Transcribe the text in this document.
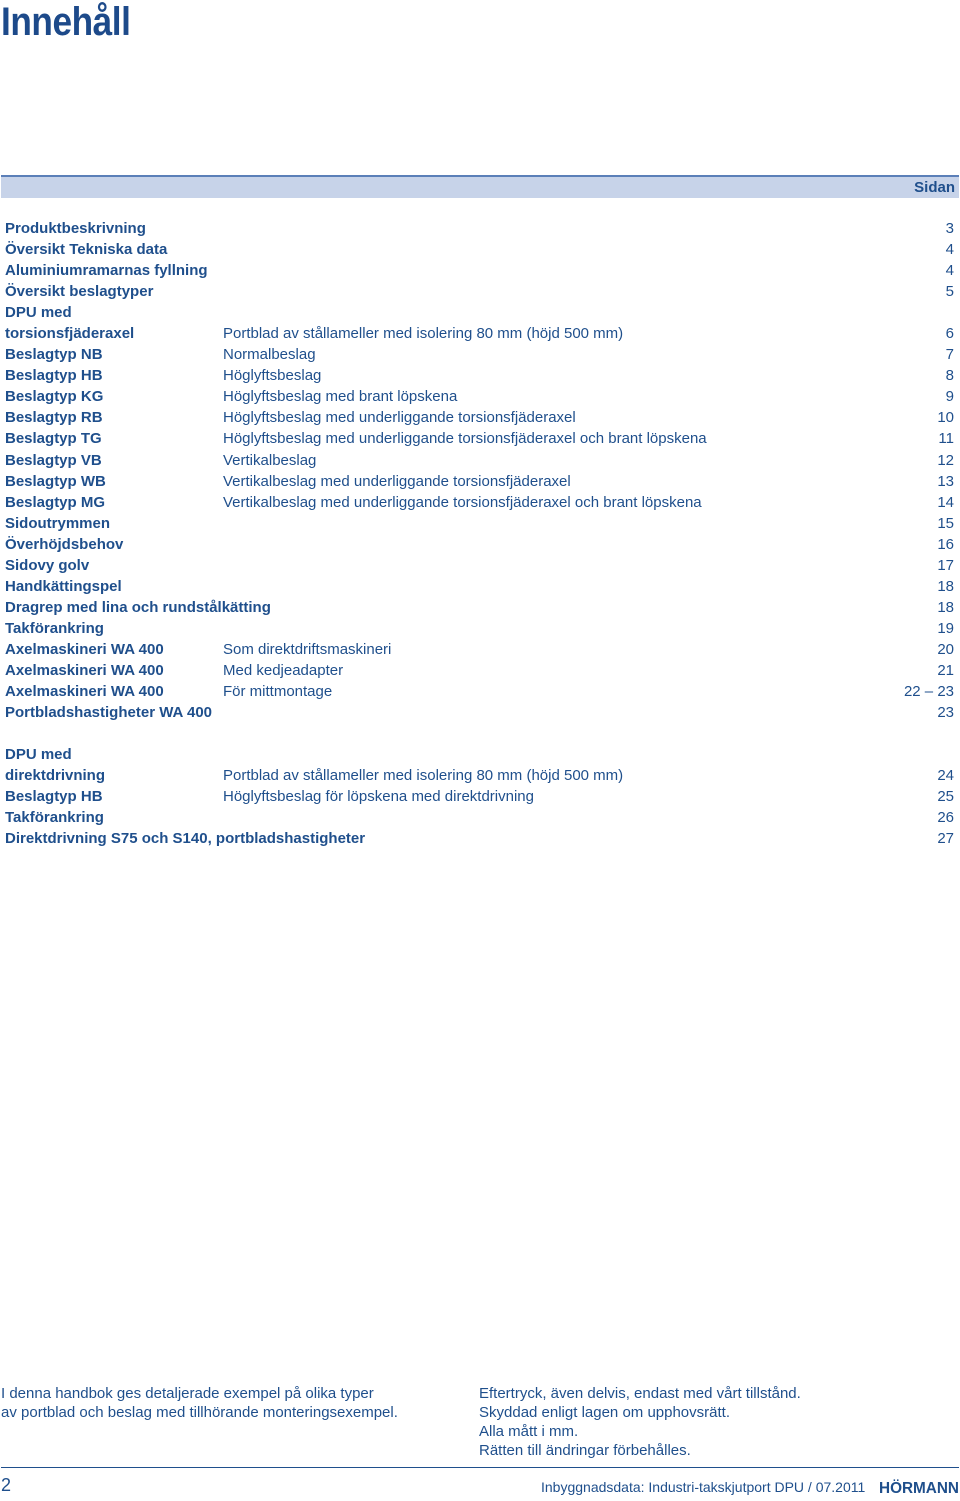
Innehåll
Sidan
Produktbeskrivning	3
Översikt Tekniska data	4
Aluminiumramarnas fyllning	4
Översikt beslagtyper	5
DPU med
torsionsfjäderaxel	Portblad av stållameller med isolering 80 mm (höjd 500 mm)	6
Beslagtyp NB	Normalbeslag	7
Beslagtyp HB	Höglyftsbeslag	8
Beslagtyp KG	Höglyftsbeslag med brant löpskena	9
Beslagtyp RB	Höglyftsbeslag med underliggande torsionsfjäderaxel	10
Beslagtyp TG	Höglyftsbeslag med underliggande torsionsfjäderaxel och brant löpskena	11
Beslagtyp VB	Vertikalbeslag	12
Beslagtyp WB	Vertikalbeslag med underliggande torsionsfjäderaxel	13
Beslagtyp MG	Vertikalbeslag med underliggande torsionsfjäderaxel och brant löpskena	14
Sidoutrymmen	15
Överhöjdsbehov	16
Sidovy golv	17
Handkättingspel	18
Dragrep med lina och rundstålkätting	18
Takförankring	19
Axelmaskineri WA 400	Som direktdriftsmaskineri	20
Axelmaskineri WA 400	Med kedjeadapter	21
Axelmaskineri WA 400	För mittmontage	22 – 23
Portbladshastigheter WA 400	23
DPU med
direktdrivning	Portblad av stållameller med isolering 80 mm (höjd 500 mm)	24
Beslagtyp HB	Höglyftsbeslag för löpskena med direktdrivning	25
Takförankring	26
Direktdrivning S75 och S140, portbladshastigheter	27
I denna handbok ges detaljerade exempel på olika typer
av portblad och beslag med tillhörande monteringsexempel.
Eftertryck, även delvis, endast med vårt tillstånd.
Skyddad enligt lagen om upphovsrätt.
Alla mått i mm.
Rätten till ändringar förbehålles.
2	Inbyggnadsdata: Industri-takskjutport DPU / 07.2011 HÖRMANN
